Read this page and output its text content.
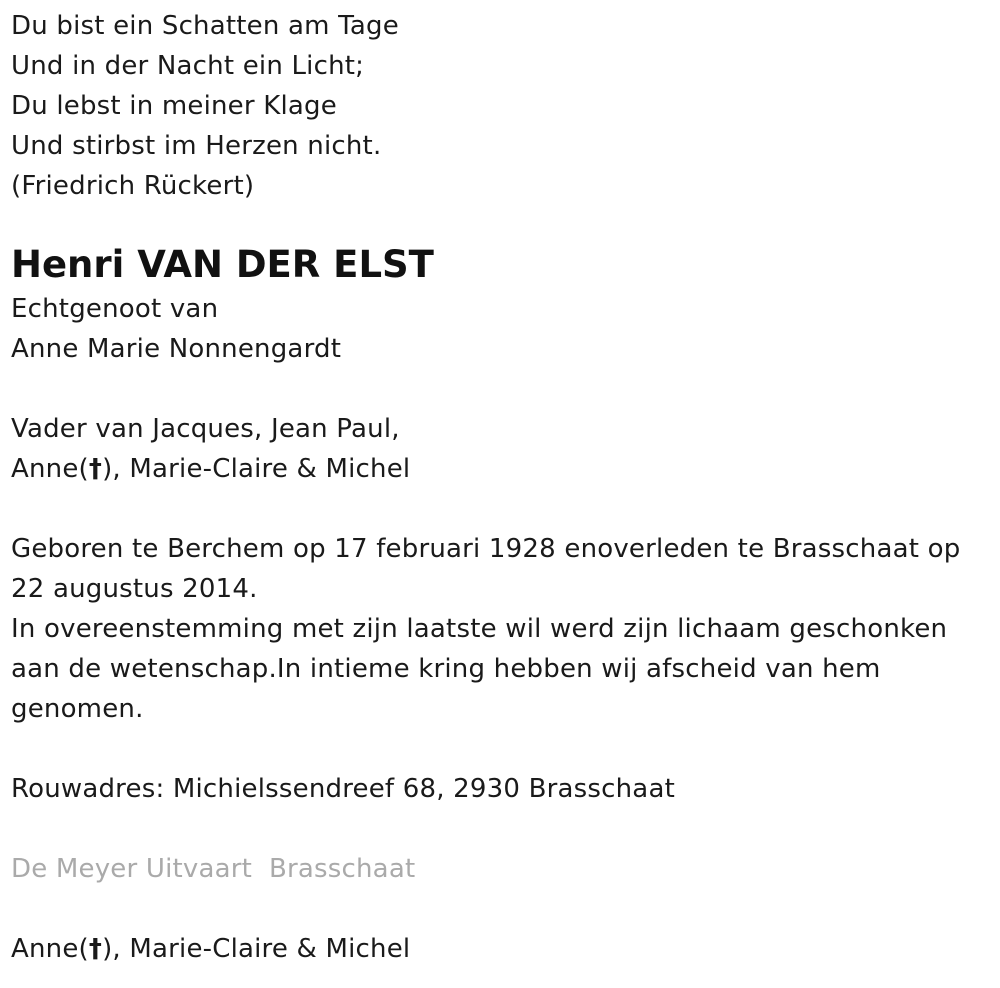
Du bist ein Schatten am Tage
Und in der Nacht ein Licht;
Du lebst in meiner Klage
Und stirbst im Herzen nicht.
(Friedrich Rückert)
Henri VAN DER ELST
Echtgenoot van
Anne Marie Nonnengardt
Vader van Jacques, Jean Paul,
Anne(†), Marie-Claire & Michel
Geboren te Berchem op 17 februari 1928 enoverleden te Brasschaat op 22 augustus 2014.
In overeenstemming met zijn laatste wil werd zijn lichaam geschonken aan de wetenschap.In intieme kring hebben wij afscheid van hem genomen.
Rouwadres: Michielssendreef 68, 2930 Brasschaat
De Meyer Uitvaart  Brasschaat
Anne(†), Marie-Claire & Michel
